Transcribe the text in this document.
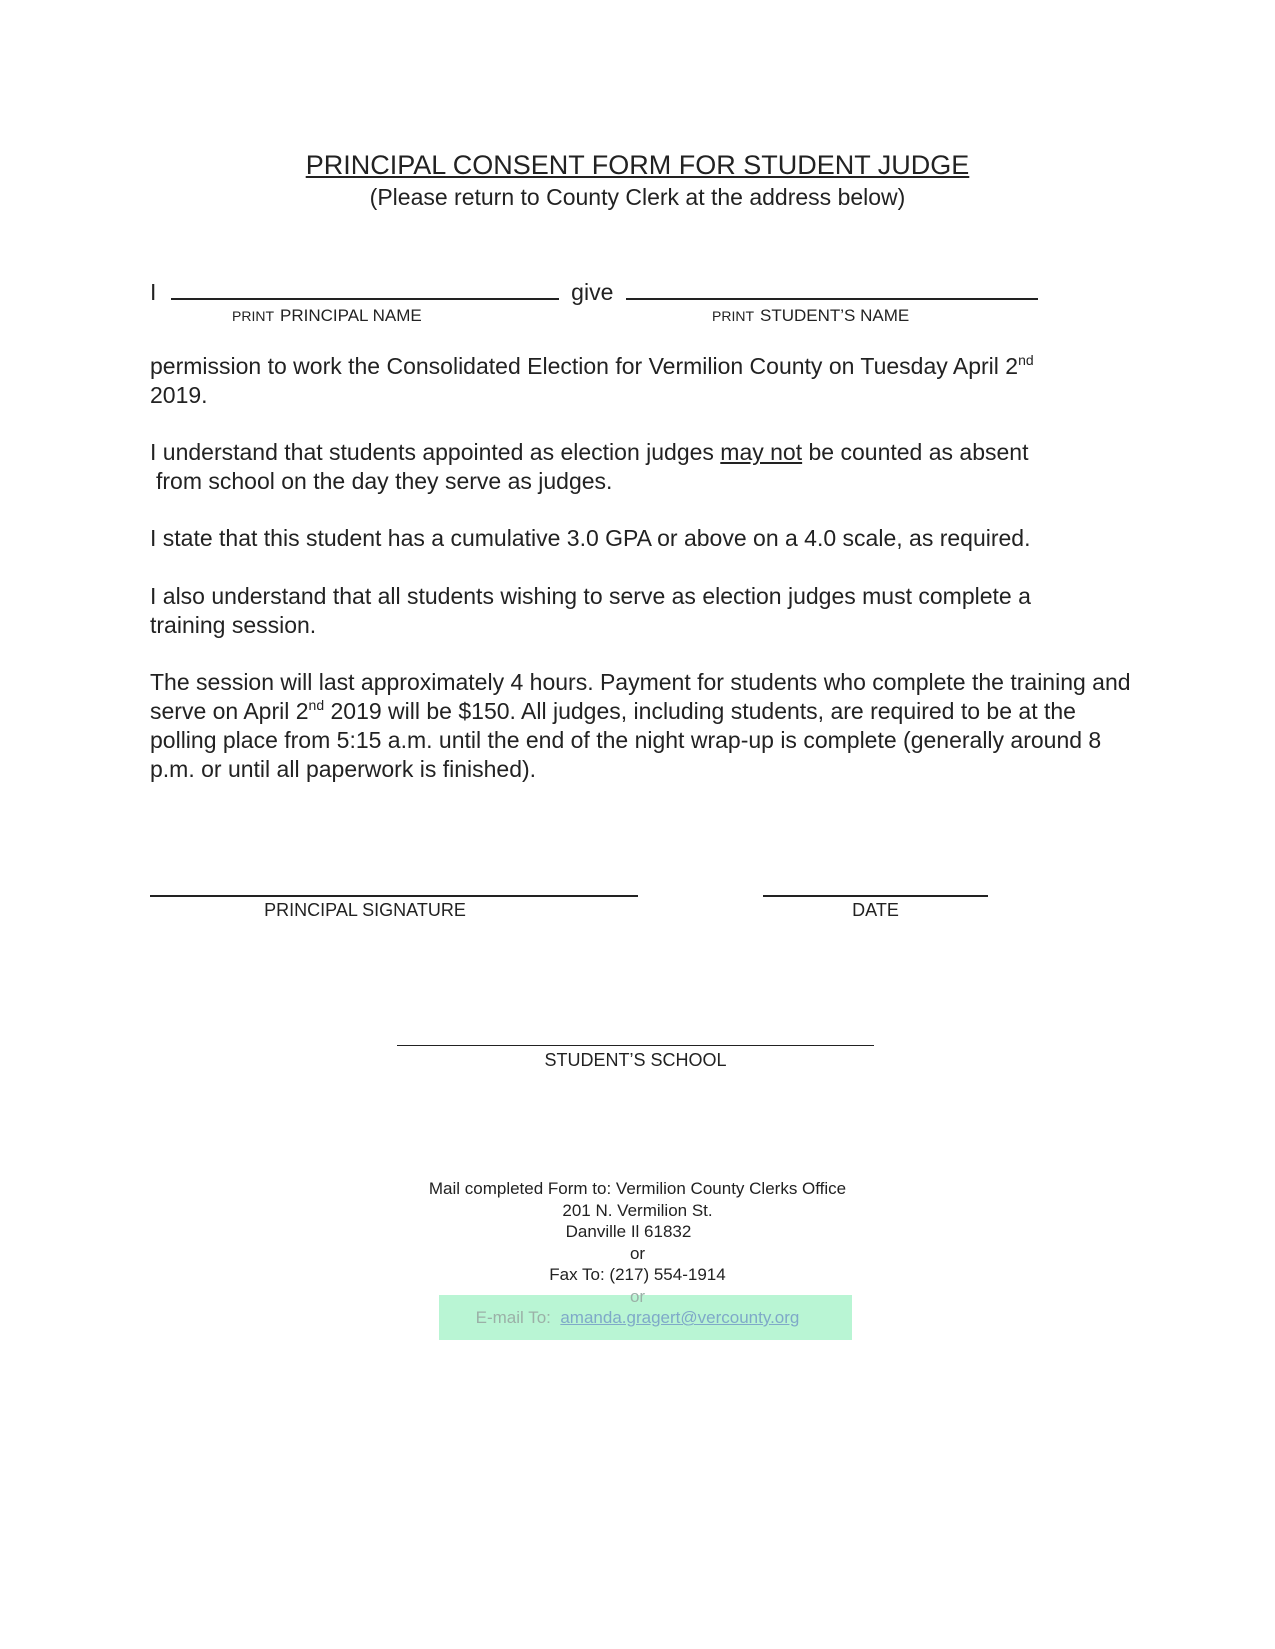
PRINCIPAL CONSENT FORM FOR STUDENT JUDGE
(Please return to County Clerk at the address below)
I	give
PRINT PRINCIPAL NAME	PRINT STUDENT’S NAME
permission to work the Consolidated Election for Vermilion County on Tuesday April 2nd
2019.
I understand that students appointed as election judges may not be counted as absent
from school on the day they serve as judges.
I state that this student has a cumulative 3.0 GPA or above on a 4.0 scale, as required.
I also understand that all students wishing to serve as election judges must complete a training session.
The session will last approximately 4 hours. Payment for students who complete the training and serve on April 2nd 2019 will be $150. All judges, including students, are required to be at the polling place from 5:15 a.m. until the end of the night wrap-up is complete (generally around 8 p.m. or until all paperwork is finished).
PRINCIPAL SIGNATURE	DATE
STUDENT’S SCHOOL
Mail completed Form to: Vermilion County Clerks Office
201 N. Vermilion St.
Danville Il 61832
or
Fax To: (217) 554-1914
or
E-mail To: amanda.gragert@vercounty.org
